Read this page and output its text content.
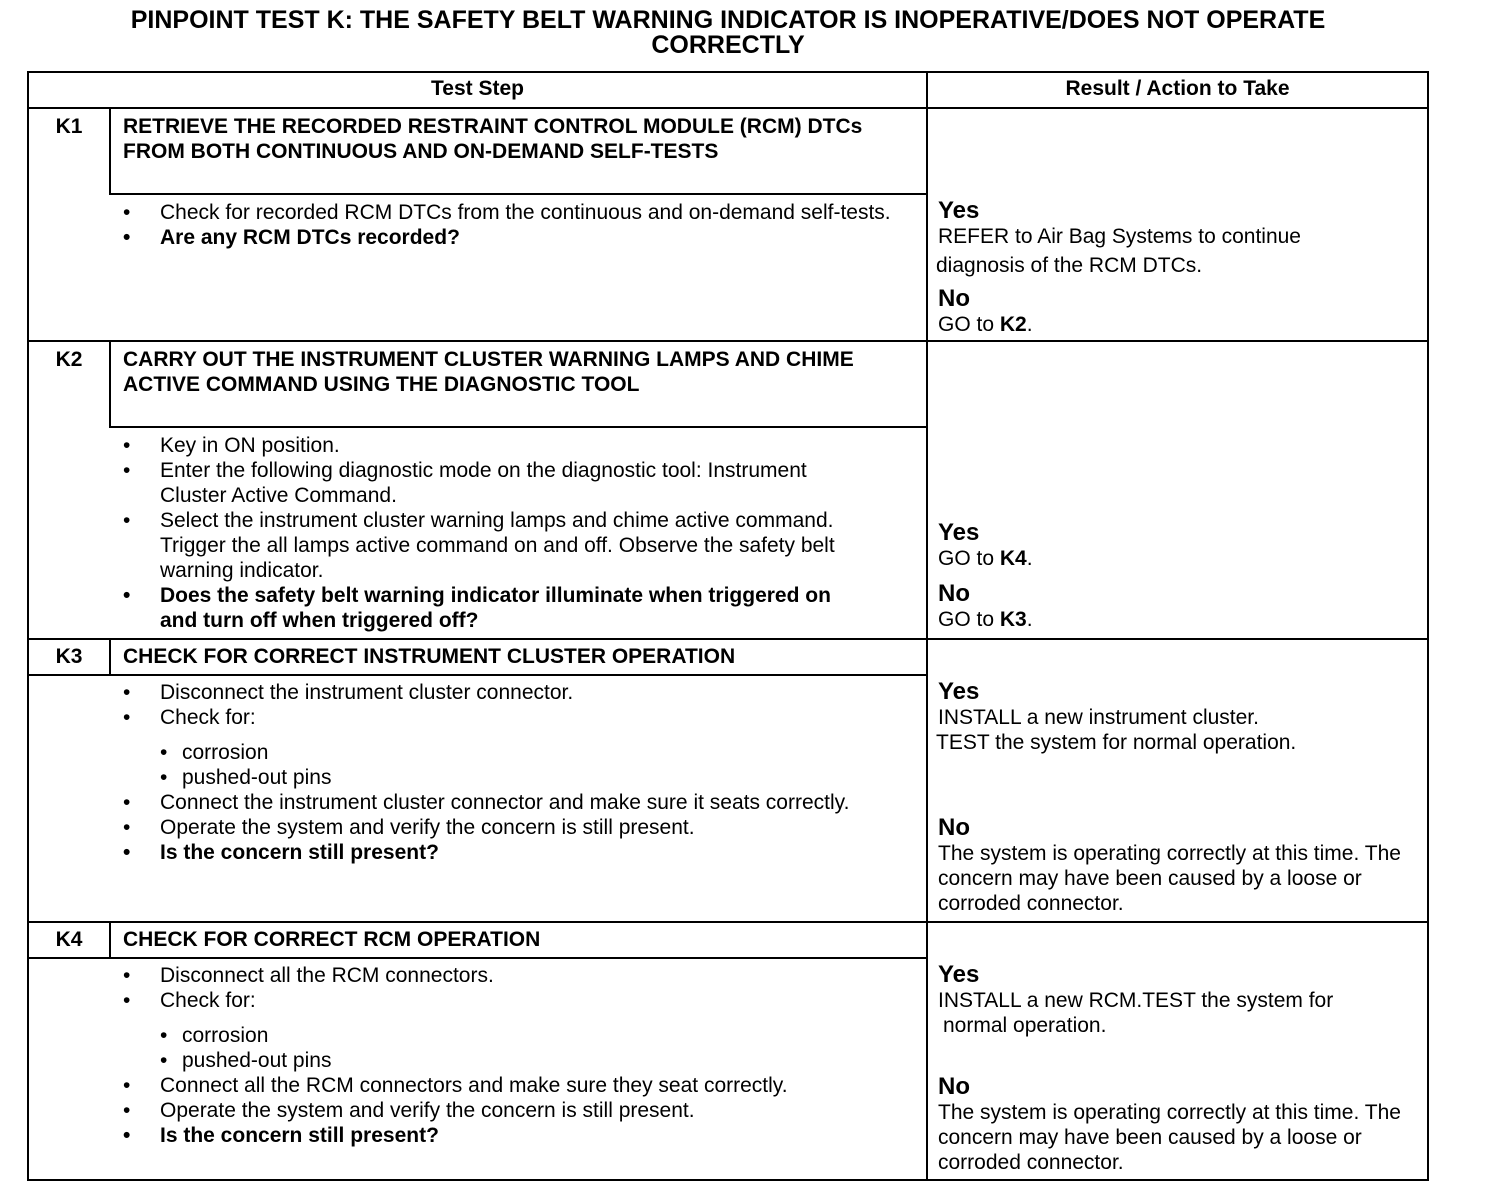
PINPOINT TEST K: THE SAFETY BELT WARNING INDICATOR IS INOPERATIVE/DOES NOT OPERATE
CORRECTLY
Test Step	Result / Action to Take
K1	RETRIEVE THE RECORDED RESTRAINT CONTROL MODULE (RCM) DTCs FROM BOTH CONTINUOUS AND ON-DEMAND SELF-TESTS
• Check for recorded RCM DTCs from the continuous and on-demand self-tests.
• Are any RCM DTCs recorded?
Yes
REFER to Air Bag Systems to continue
diagnosis of the RCM DTCs.
No
GO to K2.
K2	CARRY OUT THE INSTRUMENT CLUSTER WARNING LAMPS AND CHIME ACTIVE COMMAND USING THE DIAGNOSTIC TOOL
• Key in ON position.
• Enter the following diagnostic mode on the diagnostic tool: Instrument Cluster Active Command.
• Select the instrument cluster warning lamps and chime active command. Trigger the all lamps active command on and off. Observe the safety belt warning indicator.
• Does the safety belt warning indicator illuminate when triggered on and turn off when triggered off?
Yes
GO to K4.
No
GO to K3.
K3	CHECK FOR CORRECT INSTRUMENT CLUSTER OPERATION
• Disconnect the instrument cluster connector.
• Check for:
• corrosion
• pushed-out pins
• Connect the instrument cluster connector and make sure it seats correctly.
• Operate the system and verify the concern is still present.
• Is the concern still present?
Yes
INSTALL a new instrument cluster.
TEST the system for normal operation.
No
The system is operating correctly at this time. The concern may have been caused by a loose or corroded connector.
K4	CHECK FOR CORRECT RCM OPERATION
• Disconnect all the RCM connectors.
• Check for:
• corrosion
• pushed-out pins
• Connect all the RCM connectors and make sure they seat correctly.
• Operate the system and verify the concern is still present.
• Is the concern still present?
Yes
INSTALL a new RCM.TEST the system for
normal operation.
No
The system is operating correctly at this time. The concern may have been caused by a loose or corroded connector.
